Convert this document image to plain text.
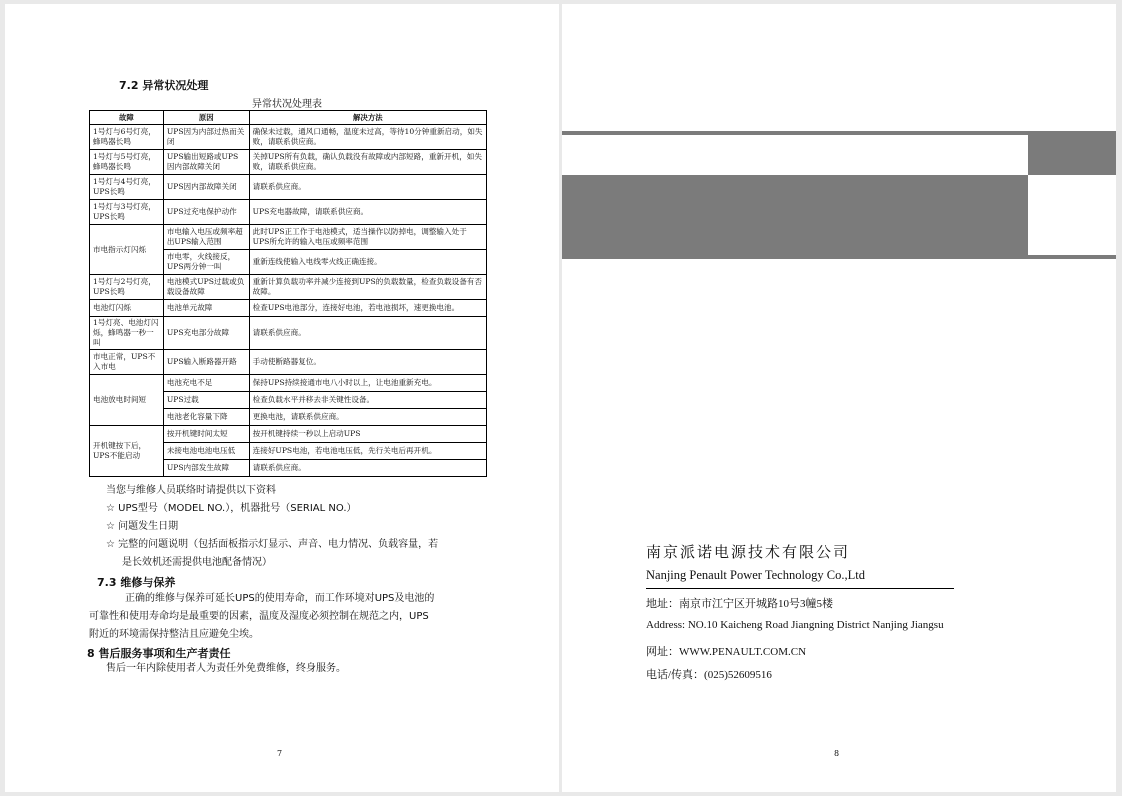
7.2 异常状况处理
异常状况处理表
故障	原因	解决方法
1号灯与6号灯亮，蜂鸣器长鸣	UPS因为内部过热而关闭	确保未过载，通风口通畅，温度未过高，等待10分钟重新启动，如失败，请联系供应商。
1号灯与5号灯亮，蜂鸣器长鸣	UPS输出短路或UPS因内部故障关闭	关掉UPS所有负载，确认负载没有故障或内部短路，重新开机，如失败，请联系供应商。
1号灯与4号灯亮，UPS长鸣	UPS因内部故障关闭	请联系供应商。
1号灯与3号灯亮，UPS长鸣	UPS过充电保护动作	UPS充电器故障，请联系供应商。
市电指示灯闪烁	市电输入电压或频率超出UPS输入范围	此时UPS正工作于电池模式，适当操作以防掉电，调整输入处于UPS所允许的输入电压或频率范围
	市电零，火线接反，UPS两分钟一叫	重新连线使输入电线零火线正确连接。
1号灯与2号灯亮，UPS长鸣	电池模式UPS过载或负载设备故障	重新计算负载功率并减少连接到UPS的负载数量，检查负载设备有否故障。
电池灯闪烁	电池单元故障	检查UPS电池部分，连接好电池，若电池损坏，速更换电池。
1号灯亮、电池灯闪烁，蜂鸣器一秒一叫	UPS充电部分故障	请联系供应商。
市电正常，UPS不入市电	UPS输入断路器开路	手动使断路器复位。
电池放电时间短	电池充电不足	保持UPS持续接通市电八小时以上，让电池重新充电。
	UPS过载	检查负载水平并移去非关键性设备。
	电池老化容量下降	更换电池，请联系供应商。
开机键按下后，UPS不能启动	按开机键时间太短	按开机键持续一秒以上启动UPS
	未接电池电池电压低	连接好UPS电池，若电池电压低，先行关电后再开机。
	UPS内部发生故障	请联系供应商。
当您与维修人员联络时请提供以下资料
☆ UPS型号（MODEL NO.），机器批号（SERIAL NO.）
☆ 问题发生日期
☆ 完整的问题说明（包括面板指示灯显示、声音、电力情况、负载容量，若
是长效机还需提供电池配备情况）
7.3 维修与保养
正确的维修与保养可延长UPS的使用寿命，而工作环境对UPS及电池的
可靠性和使用寿命均是最重要的因素，温度及湿度必须控制在规范之内，UPS
附近的环境需保持整洁且应避免尘埃。
8 售后服务事项和生产者责任
售后一年内除使用者人为责任外免费维修，终身服务。
7
南京派诺电源技术有限公司
Nanjing Penault Power Technology Co.,Ltd
地址：南京市江宁区开城路10号3幢5楼
Address: NO.10 Kaicheng Road Jiangning District Nanjing Jiangsu
网址：WWW.PENAULT.COM.CN
电话/传真：(025)52609516
8
